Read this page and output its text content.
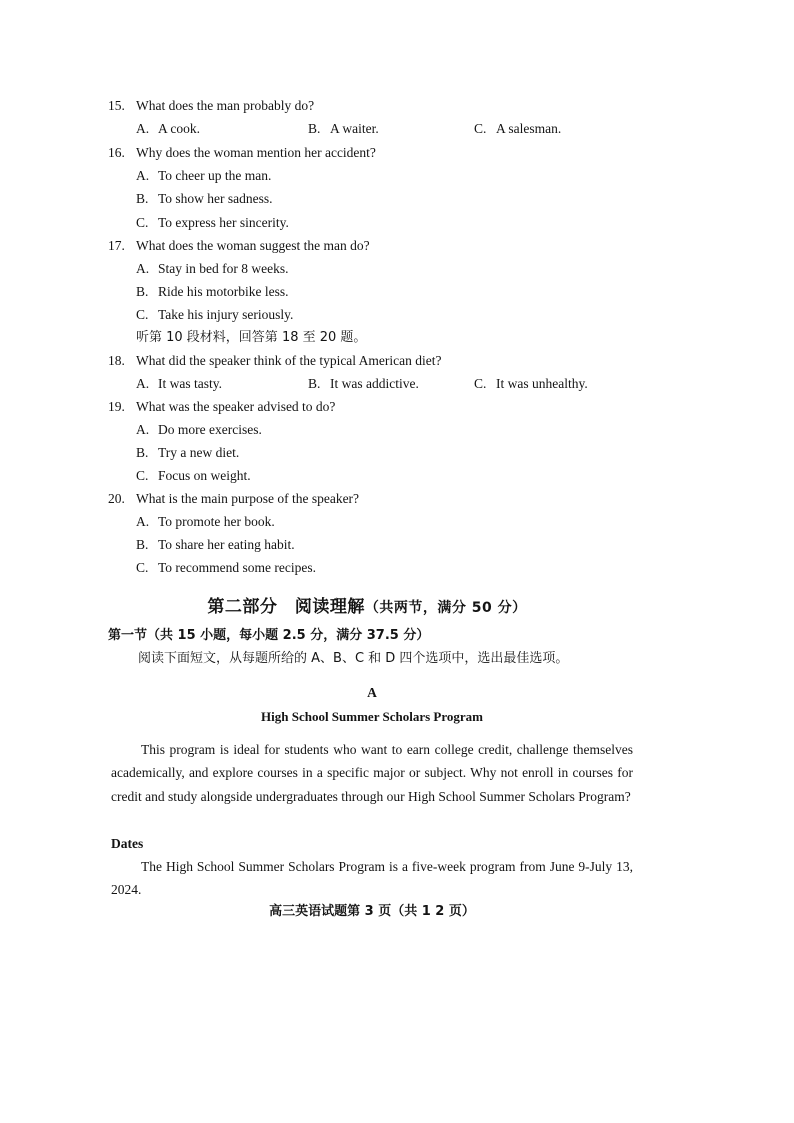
15. What does the man probably do?
A. A cook.	B. A waiter.	C. A salesman.
16. Why does the woman mention her accident?
A. To cheer up the man.
B. To show her sadness.
C. To express her sincerity.
17. What does the woman suggest the man do?
A. Stay in bed for 8 weeks.
B. Ride his motorbike less.
C. Take his injury seriously.
听第 10 段材料，回答第 18 至 20 题。
18. What did the speaker think of the typical American diet?
A. It was tasty.	B. It was addictive.	C. It was unhealthy.
19. What was the speaker advised to do?
A. Do more exercises.
B. Try a new diet.
C. Focus on weight.
20. What is the main purpose of the speaker?
A. To promote her book.
B. To share her eating habit.
C. To recommend some recipes.
第二部分　阅读理解（共两节，满分 50 分）
第一节（共 15 小题，每小题 2.5 分，满分 37.5 分）
阅读下面短文，从每题所给的 A、B、C 和 D 四个选项中，选出最佳选项。
A
High School Summer Scholars Program
This program is ideal for students who want to earn college credit, challenge themselves academically, and explore courses in a specific major or subject. Why not enroll in courses for credit and study alongside undergraduates through our High School Summer Scholars Program?
Dates
The High School Summer Scholars Program is a five-week program from June 9-July 13, 2024.
高三英语试题第 3 页（共 1 2 页）
